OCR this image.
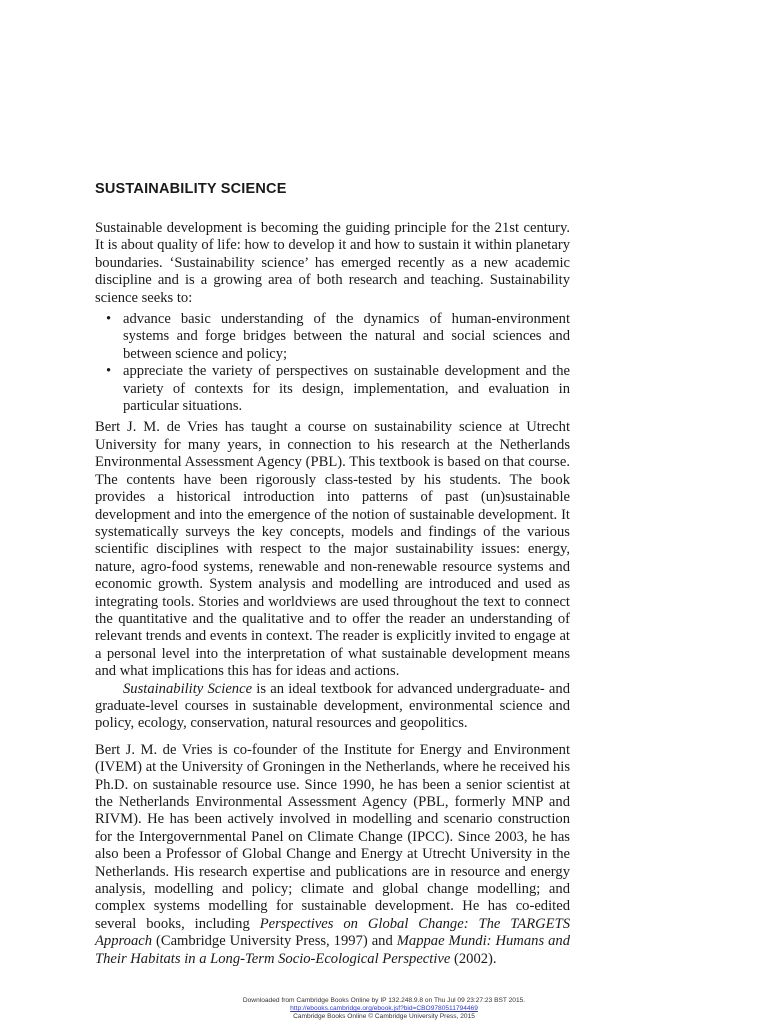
SUSTAINABILITY SCIENCE

Sustainable development is becoming the guiding principle for the 21st century. It is about quality of life: how to develop it and how to sustain it within planetary boundaries. ‘Sustainability science’ has emerged recently as a new academic discipline and is a growing area of both research and teaching. Sustainability science seeks to:

• advance basic understanding of the dynamics of human-environment systems and forge bridges between the natural and social sciences and between science and policy;
• appreciate the variety of perspectives on sustainable development and the variety of contexts for its design, implementation, and evaluation in particular situations.

Bert J. M. de Vries has taught a course on sustainability science at Utrecht University for many years, in connection to his research at the Netherlands Environmental Assessment Agency (PBL). This textbook is based on that course. The contents have been rigorously class-tested by his students. The book provides a historical introduction into patterns of past (un)sustainable development and into the emergence of the notion of sustainable development. It systematically surveys the key concepts, models and findings of the various scientific disciplines with respect to the major sustainability issues: energy, nature, agro-food systems, renewable and non-renewable resource systems and economic growth. System analysis and modelling are introduced and used as integrating tools. Stories and worldviews are used throughout the text to connect the quantitative and the qualitative and to offer the reader an understanding of relevant trends and events in context. The reader is explicitly invited to engage at a personal level into the interpretation of what sustainable development means and what implications this has for ideas and actions.

Sustainability Science is an ideal textbook for advanced undergraduate- and graduate-level courses in sustainable development, environmental science and policy, ecology, conservation, natural resources and geopolitics.

Bert J. M. de Vries is co-founder of the Institute for Energy and Environment (IVEM) at the University of Groningen in the Netherlands, where he received his Ph.D. on sustainable resource use. Since 1990, he has been a senior scientist at the Netherlands Environmental Assessment Agency (PBL, formerly MNP and RIVM). He has been actively involved in modelling and scenario construction for the Intergovernmental Panel on Climate Change (IPCC). Since 2003, he has also been a Professor of Global Change and Energy at Utrecht University in the Netherlands. His research expertise and publications are in resource and energy analysis, modelling and policy; climate and global change modelling; and complex systems modelling for sustainable development. He has co-edited several books, including Perspectives on Global Change: The TARGETS Approach (Cambridge University Press, 1997) and Mappae Mundi: Humans and Their Habitats in a Long-Term Socio-Ecological Perspective (2002).

Downloaded from Cambridge Books Online by IP 132.248.9.8 on Thu Jul 09 23:27:23 BST 2015.
http://ebooks.cambridge.org/ebook.jsf?bid=CBO9780511794469
Cambridge Books Online © Cambridge University Press, 2015
